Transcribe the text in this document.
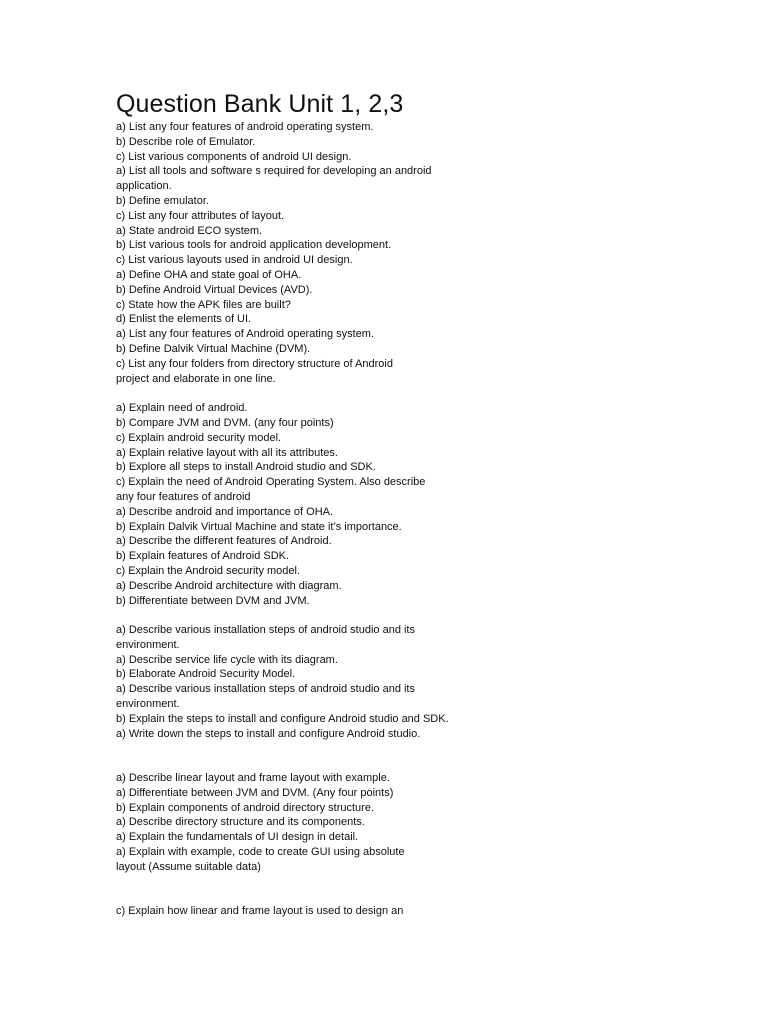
Question Bank Unit 1, 2,3
a) List any four features of android operating system.
b) Describe role of Emulator.
c) List various components of android UI design.
a) List all tools and software s required for developing an android
application.
b) Define emulator.
c) List any four attributes of layout.
a) State android ECO system.
b) List various tools for android application development.
c) List various layouts used in android UI design.
a) Define OHA and state goal of OHA.
b) Define Android Virtual Devices (AVD).
c) State how the APK files are built?
d) Enlist the elements of UI.
a) List any four features of Android operating system.
b) Define Dalvik Virtual Machine (DVM).
c) List any four folders from directory structure of Android
project and elaborate in one line.
a) Explain need of android.
b) Compare JVM and DVM. (any four points)
c) Explain android security model.
a) Explain relative layout with all its attributes.
b) Explore all steps to install Android studio and SDK.
c) Explain the need of Android Operating System. Also describe
any four features of android
a) Describe android and importance of OHA.
b) Explain Dalvik Virtual Machine and state it’s importance.
a) Describe the different features of Android.
b) Explain features of Android SDK.
c) Explain the Android security model.
a) Describe Android architecture with diagram.
b) Differentiate between DVM and JVM.
a) Describe various installation steps of android studio and its
environment.
a) Describe service life cycle with its diagram.
b) Elaborate Android Security Model.
a) Describe various installation steps of android studio and its
environment.
b) Explain the steps to install and configure Android studio and SDK.
a) Write down the steps to install and configure Android studio.
a) Describe linear layout and frame layout with example.
a) Differentiate between JVM and DVM. (Any four points)
b) Explain components of android directory structure.
a) Describe directory structure and its components.
a) Explain the fundamentals of UI design in detail.
a) Explain with example, code to create GUI using absolute
layout (Assume suitable data)
c) Explain how linear and frame layout is used to design an
